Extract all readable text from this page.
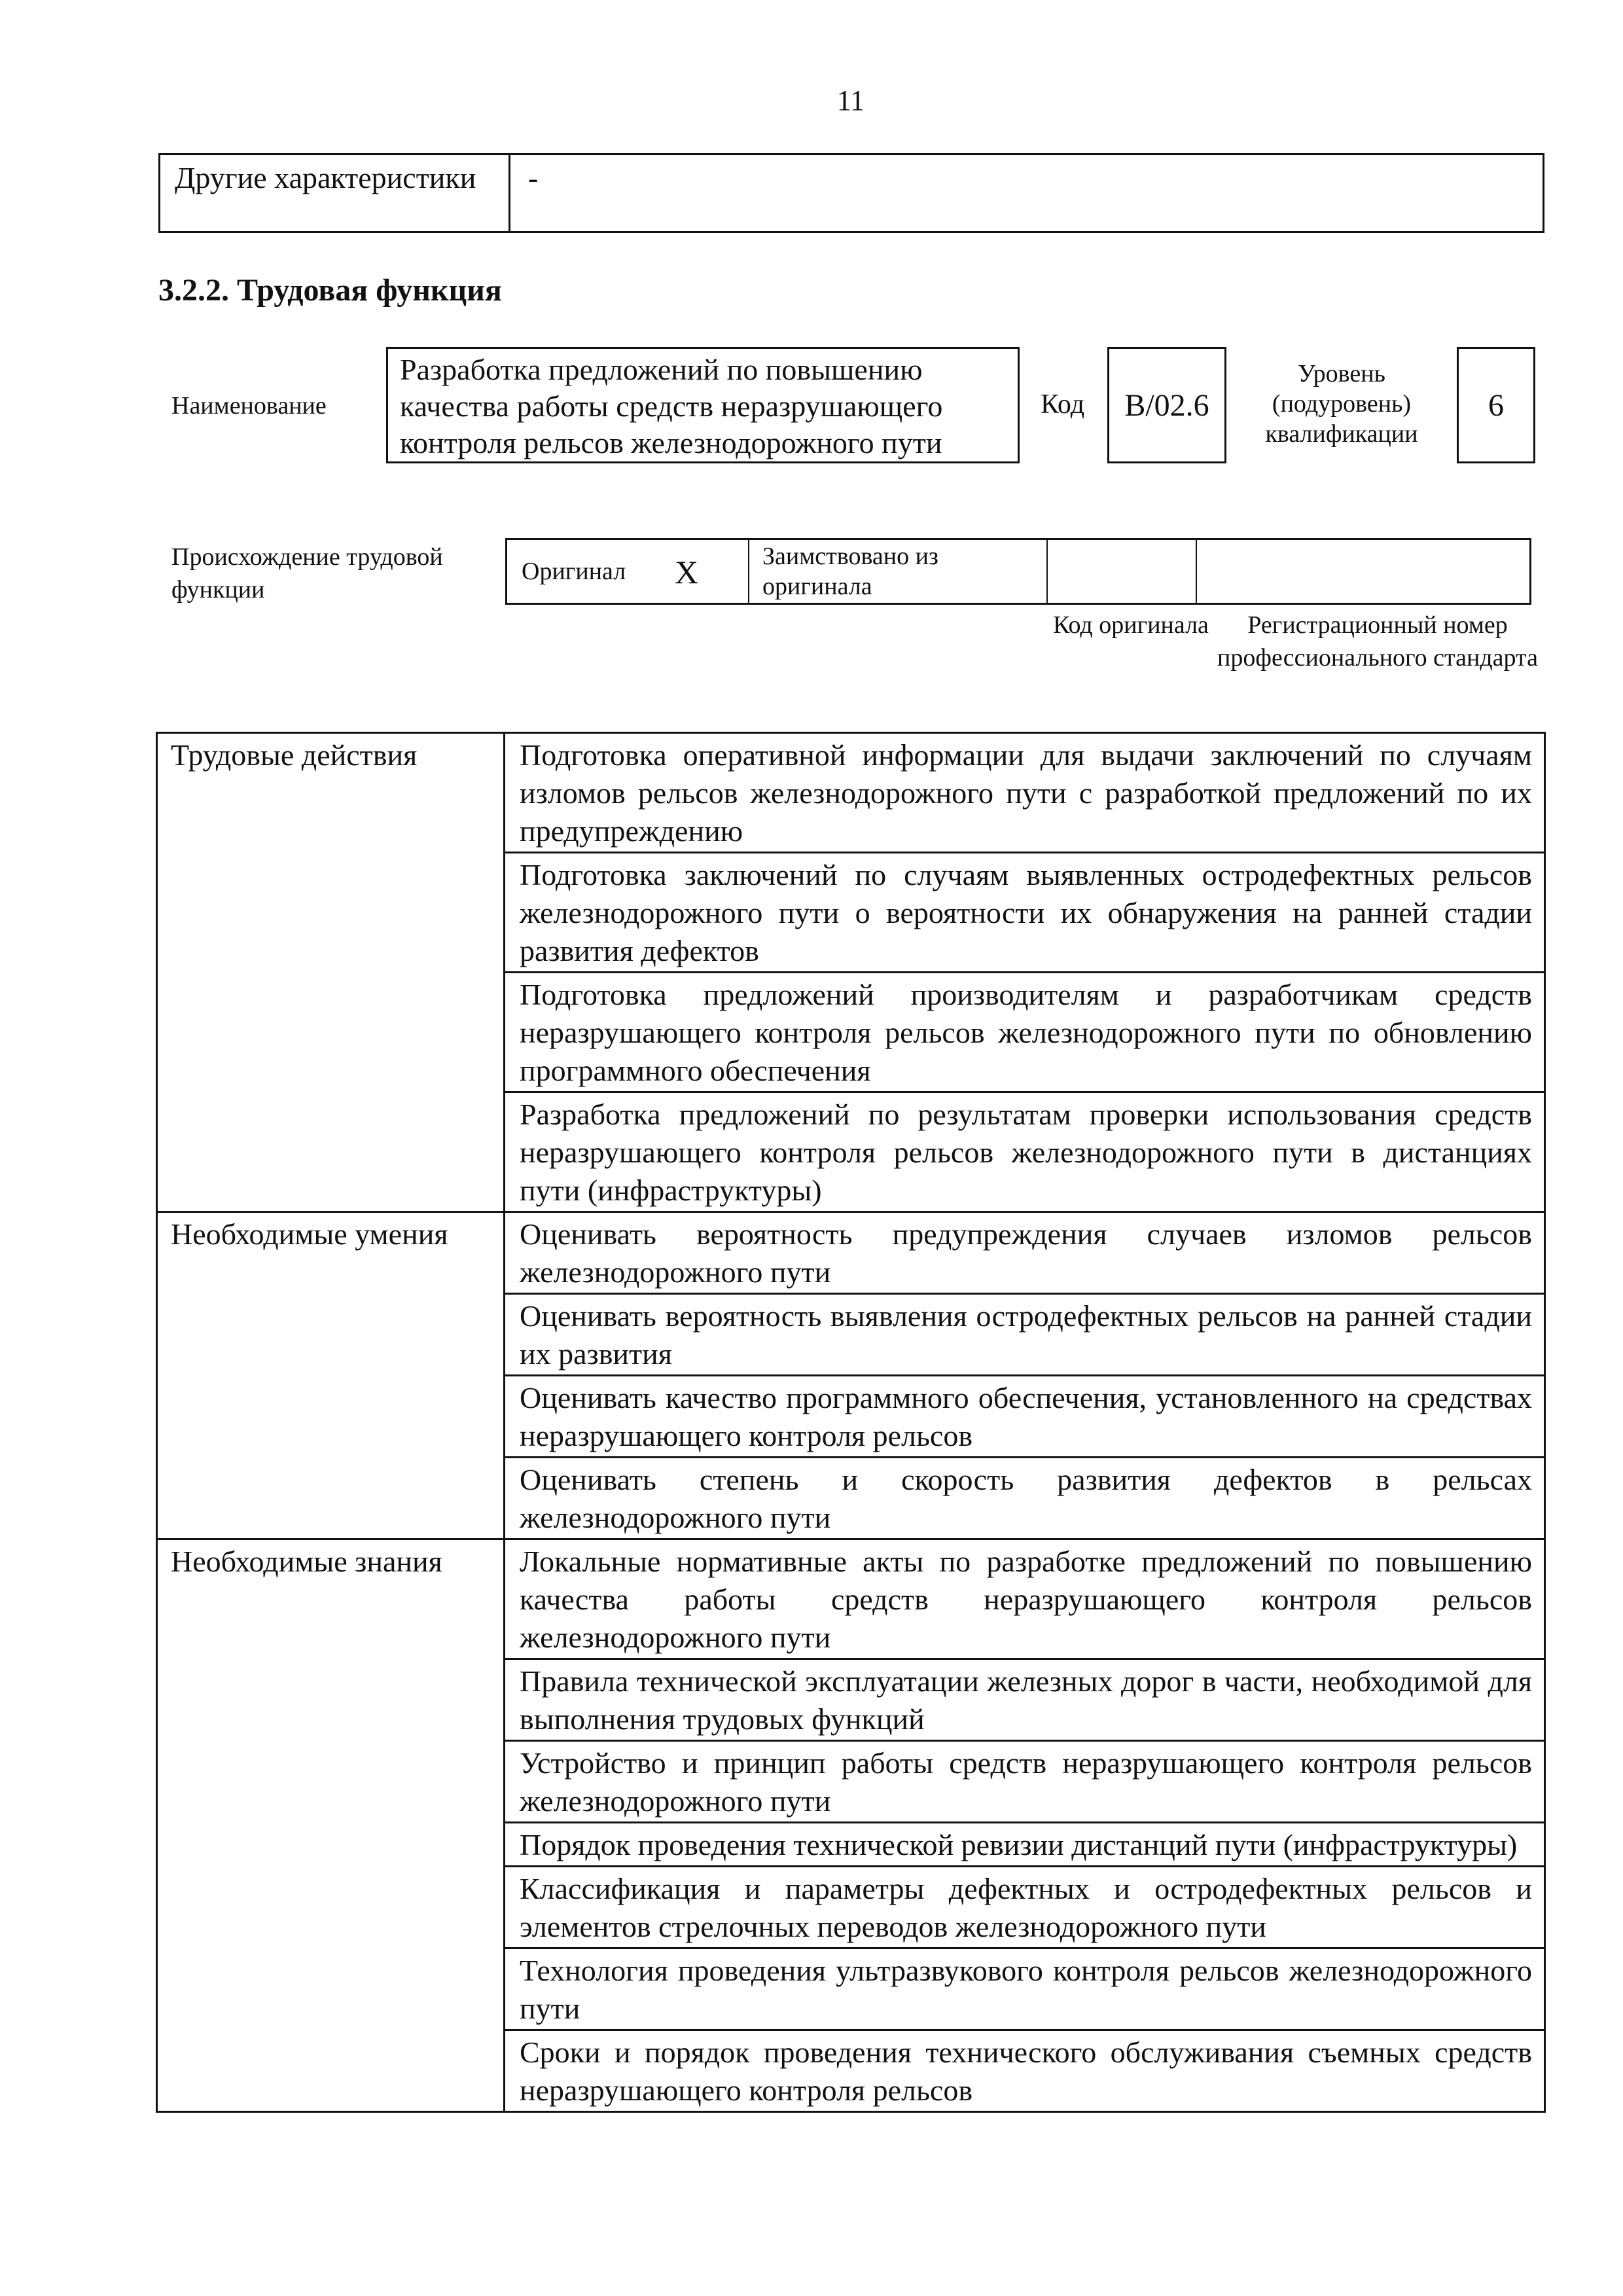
11
Другие характеристики	-
3.2.2. Трудовая функция
Наименование
Разработка предложений по повышению качества работы средств неразрушающего контроля рельсов железнодорожного пути
Код	B/02.6
Уровень (подуровень) квалификации
6
Происхождение трудовой функции
Оригинал X	Заимствовано из оригинала
Код оригинала	Регистрационный номер профессионального стандарта
Трудовые действия	Подготовка оперативной информации для выдачи заключений по случаям изломов рельсов железнодорожного пути с разработкой предложений по их предупреждению
	Подготовка заключений по случаям выявленных остродефектных рельсов железнодорожного пути о вероятности их обнаружения на ранней стадии развития дефектов
	Подготовка предложений производителям и разработчикам средств неразрушающего контроля рельсов железнодорожного пути по обновлению программного обеспечения
	Разработка предложений по результатам проверки использования средств неразрушающего контроля рельсов железнодорожного пути в дистанциях пути (инфраструктуры)
Необходимые умения	Оценивать вероятность предупреждения случаев изломов рельсов железнодорожного пути
	Оценивать вероятность выявления остродефектных рельсов на ранней стадии их развития
	Оценивать качество программного обеспечения, установленного на средствах неразрушающего контроля рельсов
	Оценивать степень и скорость развития дефектов в рельсах железнодорожного пути
Необходимые знания	Локальные нормативные акты по разработке предложений по повышению качества работы средств неразрушающего контроля рельсов железнодорожного пути
	Правила технической эксплуатации железных дорог в части, необходимой для выполнения трудовых функций
	Устройство и принцип работы средств неразрушающего контроля рельсов железнодорожного пути
	Порядок проведения технической ревизии дистанций пути (инфраструктуры)
	Классификация и параметры дефектных и остродефектных рельсов и элементов стрелочных переводов железнодорожного пути
	Технология проведения ультразвукового контроля рельсов железнодорожного пути
	Сроки и порядок проведения технического обслуживания съемных средств неразрушающего контроля рельсов
